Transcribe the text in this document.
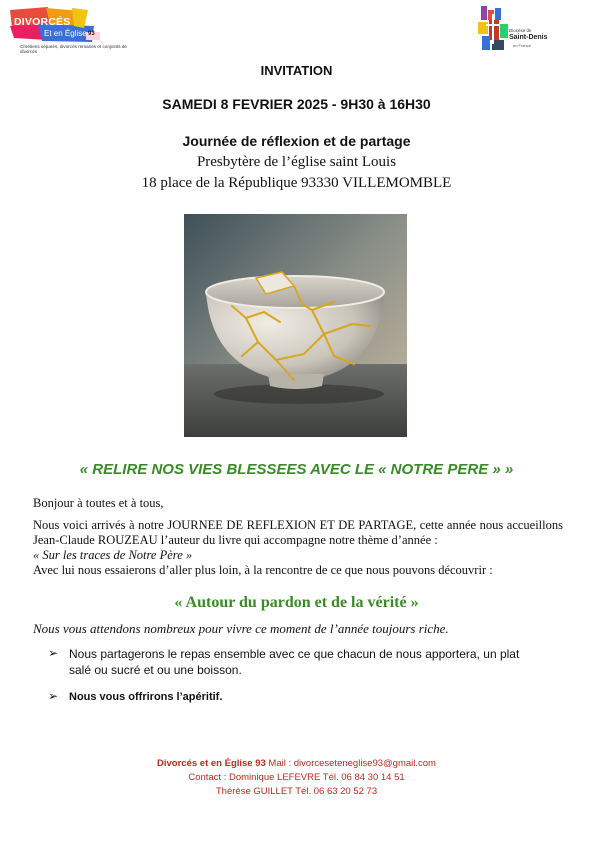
DIVORCÉS
Et en Église 93
Chrétiens séparés, divorcés remariés et conjoints de divorcés
Diocèse de
Saint-Denis
en France
INVITATION
SAMEDI 8 FEVRIER 2025 - 9H30 à 16H30
Journée de réflexion et de partage
Presbytère de l’église saint Louis
18 place de la République 93330 VILLEMOMBLE
« RELIRE NOS VIES BLESSEES AVEC LE « NOTRE PERE » »
Bonjour à toutes et à tous,
Nous voici arrivés à notre JOURNEE DE REFLEXION ET DE PARTAGE, cette année nous accueillons Jean-Claude ROUZEAU l’auteur du livre qui accompagne notre thème d’année :
« Sur les traces de Notre Père »
Avec lui nous essaierons d’aller plus loin, à la rencontre de ce que nous pouvons découvrir :
« Autour du pardon et de la vérité »
Nous vous attendons nombreux pour vivre ce moment de l’année toujours riche.
➢ Nous partagerons le repas ensemble avec ce que chacun de nous apportera, un plat salé ou sucré et ou une boisson.
➢ Nous vous offrirons l’apéritif.
Divorcés et en Église 93 Mail : divorceseteneglise93@gmail.com
Contact : Dominique LEFEVRE Tél. 06 84 30 14 51
Thérèse GUILLET Tél. 06 63 20 52 73
